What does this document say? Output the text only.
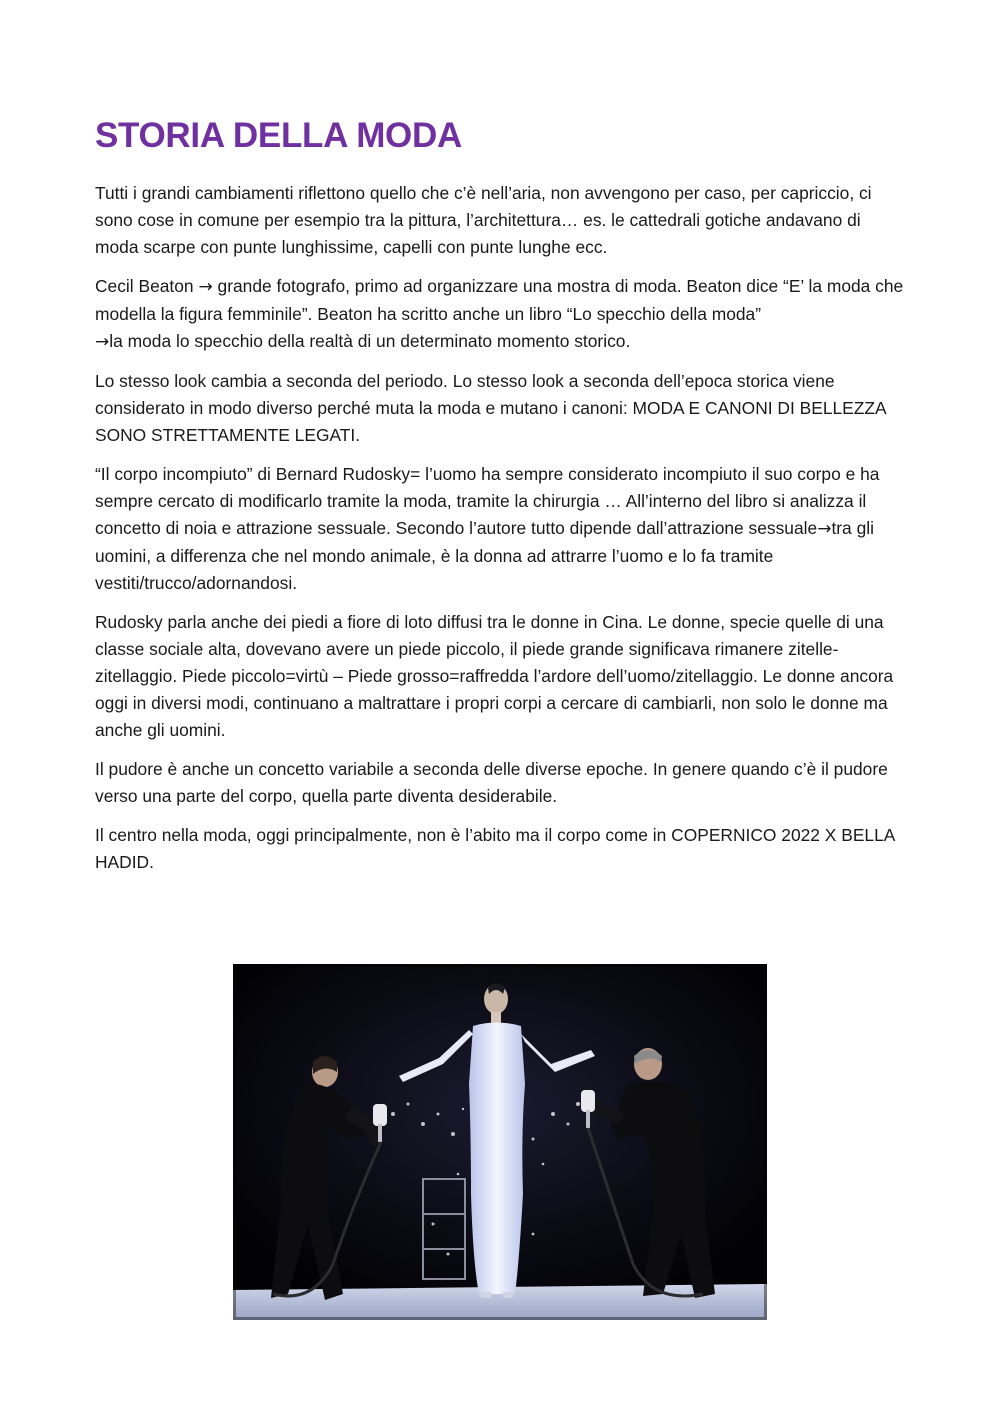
STORIA DELLA MODA

Tutti i grandi cambiamenti riflettono quello che c’è nell’aria, non avvengono per caso, per capriccio, ci sono cose in comune per esempio tra la pittura, l’architettura… es. le cattedrali gotiche andavano di moda scarpe con punte lunghissime, capelli con punte lunghe ecc.

Cecil Beaton → grande fotografo, primo ad organizzare una mostra di moda. Beaton dice “E’ la moda che modella la figura femminile”. Beaton ha scritto anche un libro “Lo specchio della moda”
→la moda lo specchio della realtà di un determinato momento storico.

Lo stesso look cambia a seconda del periodo. Lo stesso look a seconda dell’epoca storica viene considerato in modo diverso perché muta la moda e mutano i canoni: MODA E CANONI DI BELLEZZA SONO STRETTAMENTE LEGATI.

“Il corpo incompiuto” di Bernard Rudosky= l’uomo ha sempre considerato incompiuto il suo corpo e ha sempre cercato di modificarlo tramite la moda, tramite la chirurgia … All’interno del libro si analizza il concetto di noia e attrazione sessuale. Secondo l’autore tutto dipende dall’attrazione sessuale→tra gli uomini, a differenza che nel mondo animale, è la donna ad attrarre l’uomo e lo fa tramite vestiti/trucco/adornandosi.

Rudosky parla anche dei piedi a fiore di loto diffusi tra le donne in Cina. Le donne, specie quelle di una classe sociale alta, dovevano avere un piede piccolo, il piede grande significava rimanere zitelle-zitellaggio. Piede piccolo=virtù – Piede grosso=raffredda l’ardore dell’uomo/zitellaggio. Le donne ancora oggi in diversi modi, continuano a maltrattare i propri corpi a cercare di cambiarli, non solo le donne ma anche gli uomini.

Il pudore è anche un concetto variabile a seconda delle diverse epoche. In genere quando c’è il pudore verso una parte del corpo, quella parte diventa desiderabile.

Il centro nella moda, oggi principalmente, non è l’abito ma il corpo come in COPERNICO 2022 X BELLA HADID.
